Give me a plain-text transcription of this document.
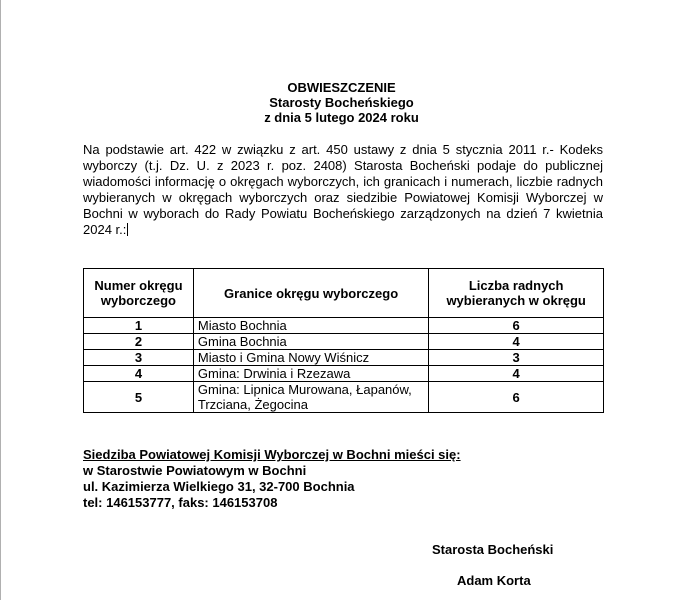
OBWIESZCZENIE
Starosty Bocheńskiego
z dnia 5 lutego 2024 roku
Na podstawie art. 422 w związku z art. 450 ustawy z dnia 5 stycznia 2011 r.- Kodeks wyborczy (t.j. Dz. U. z 2023 r. poz. 2408) Starosta Bocheński podaje do publicznej wiadomości informację o okręgach wyborczych, ich granicach i numerach, liczbie radnych wybieranych w okręgach wyborczych oraz siedzibie Powiatowej Komisji Wyborczej w Bochni w wyborach do Rady Powiatu Bocheńskiego zarządzonych na dzień 7 kwietnia 2024 r.:
Numer okręgu wyborczego	Granice okręgu wyborczego	Liczba radnych wybieranych w okręgu
1	Miasto Bochnia	6
2	Gmina Bochnia	4
3	Miasto i Gmina Nowy Wiśnicz	3
4	Gmina: Drwinia i Rzezawa	4
5	Gmina: Lipnica Murowana, Łapanów, Trzciana, Żegocina	6
Siedziba Powiatowej Komisji Wyborczej w Bochni mieści się:
w Starostwie Powiatowym w Bochni
ul. Kazimierza Wielkiego 31, 32-700 Bochnia
tel: 146153777, faks: 146153708
Starosta Bocheński
Adam Korta
